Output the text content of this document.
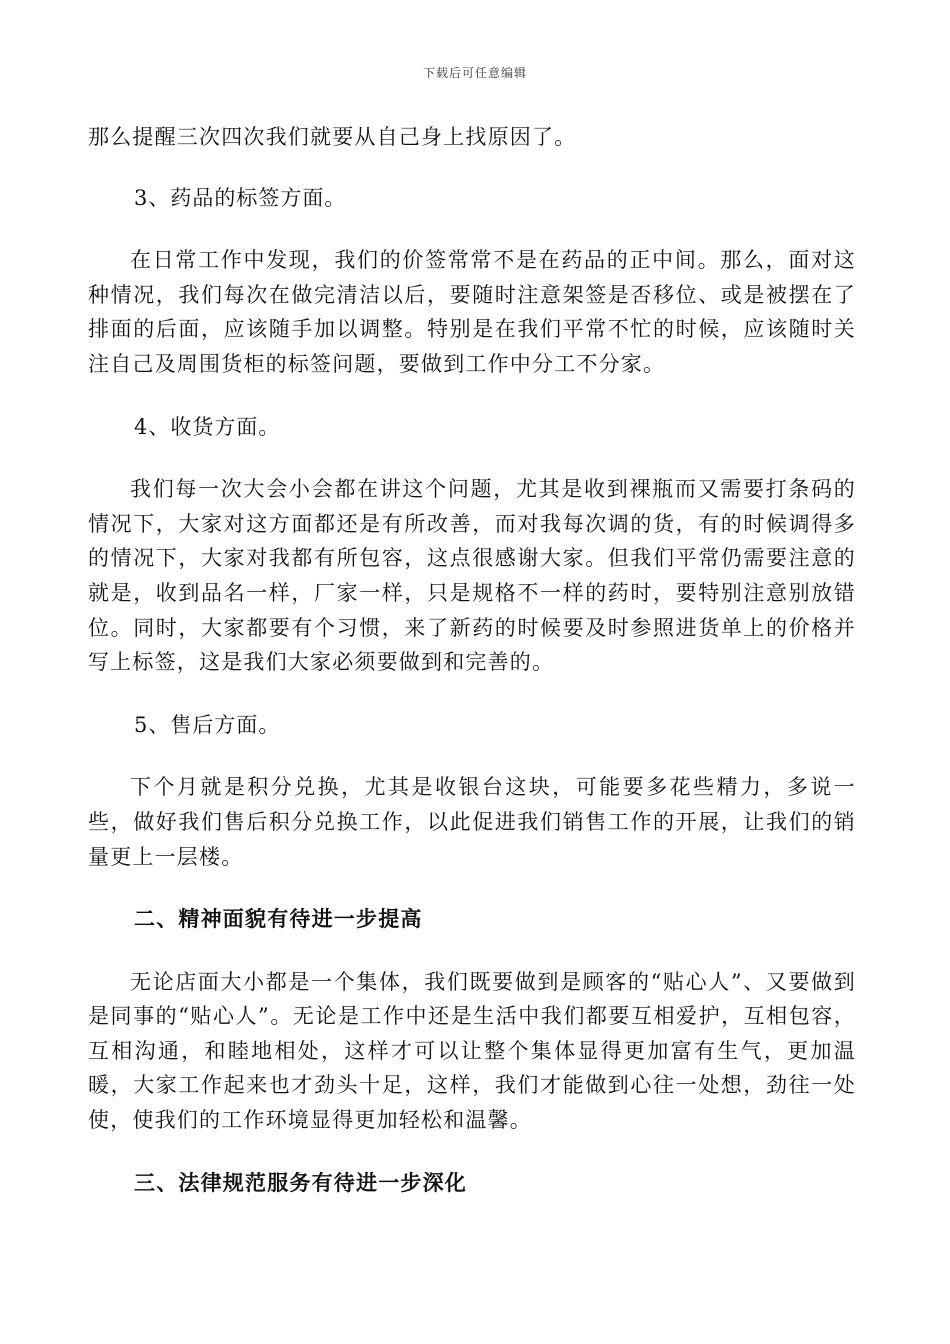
下载后可任意编辑

那么提醒三次四次我们就要从自己身上找原因了。

3、药品的标签方面。

在日常工作中发现，我们的价签常常不是在药品的正中间。那么，面对这种情况，我们每次在做完清洁以后，要随时注意架签是否移位、或是被摆在了排面的后面，应该随手加以调整。特别是在我们平常不忙的时候，应该随时关注自己及周围货柜的标签问题，要做到工作中分工不分家。

4、收货方面。

我们每一次大会小会都在讲这个问题，尤其是收到裸瓶而又需要打条码的情况下，大家对这方面都还是有所改善，而对我每次调的货，有的时候调得多的情况下，大家对我都有所包容，这点很感谢大家。但我们平常仍需要注意的就是，收到品名一样，厂家一样，只是规格不一样的药时，要特别注意别放错位。同时，大家都要有个习惯，来了新药的时候要及时参照进货单上的价格并写上标签，这是我们大家必须要做到和完善的。

5、售后方面。

下个月就是积分兑换，尤其是收银台这块，可能要多花些精力，多说一些，做好我们售后积分兑换工作，以此促进我们销售工作的开展，让我们的销量更上一层楼。

二、精神面貌有待进一步提高

无论店面大小都是一个集体，我们既要做到是顾客的“贴心人”、又要做到是同事的“贴心人”。无论是工作中还是生活中我们都要互相爱护，互相包容，互相沟通，和睦地相处，这样才可以让整个集体显得更加富有生气，更加温暖，大家工作起来也才劲头十足，这样，我们才能做到心往一处想，劲往一处使，使我们的工作环境显得更加轻松和温馨。

三、法律规范服务有待进一步深化
